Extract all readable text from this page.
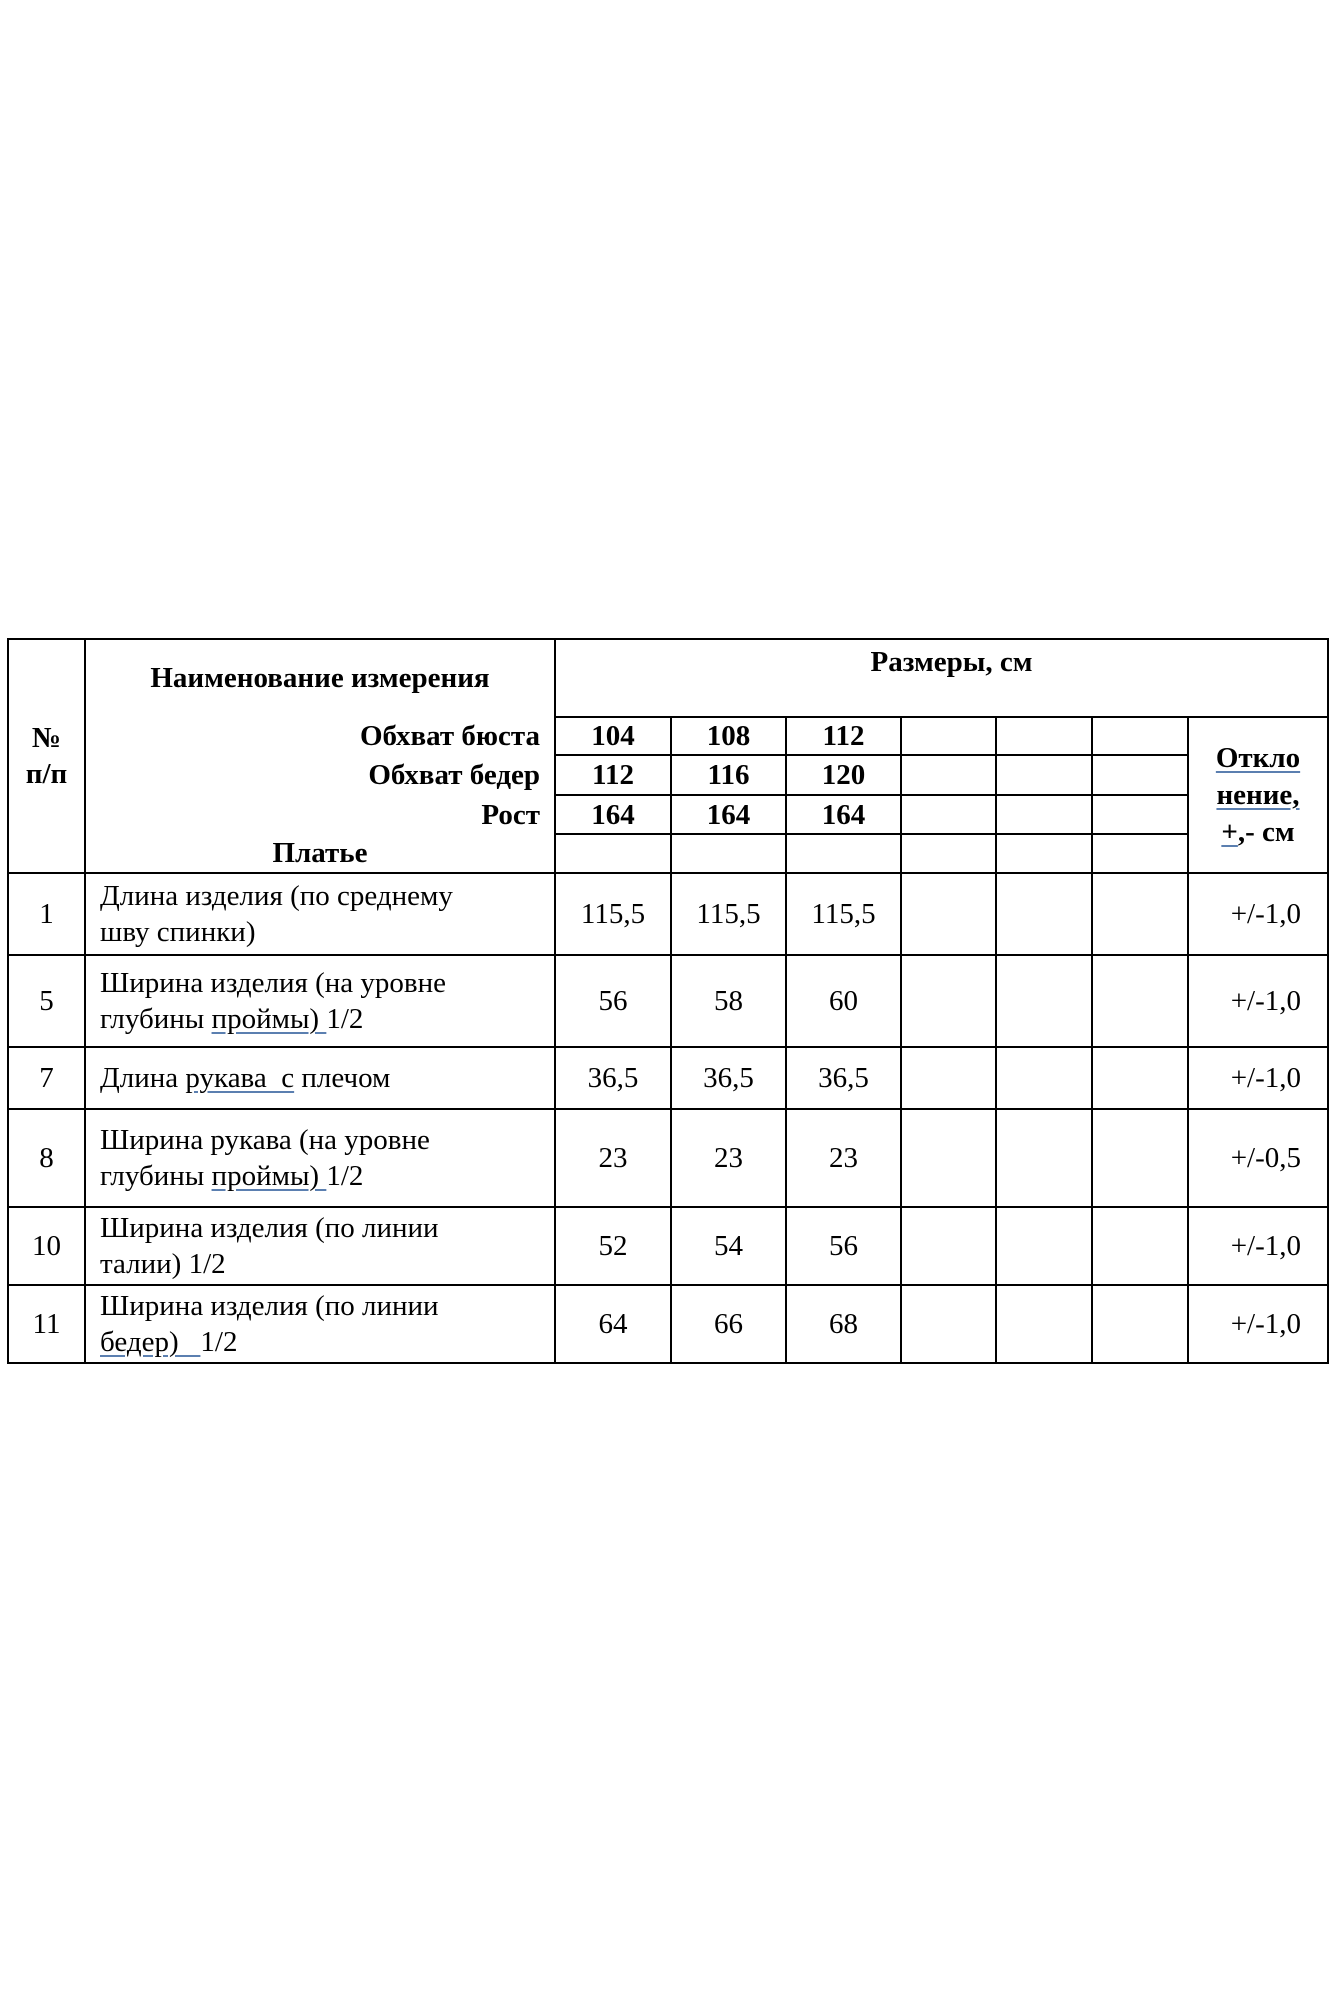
№
п/п	Наименование измерения	Размеры, см						
	Обхват бюста	104	108	112				Откло
нение,
+,- см
	Обхват бедер	112	116	120				
	Рост	164	164	164				
	Платье							
1	Длина изделия (по среднему
шву спинки)	115,5	115,5	115,5				+/-1,0
5	Ширина изделия (на уровне
глубины проймы) 1/2	56	58	60				+/-1,0
7	Длина рукава  с плечом	36,5	36,5	36,5				+/-1,0
8	Ширина рукава (на уровне
глубины проймы) 1/2	23	23	23				+/-0,5
10	Ширина изделия (по линии
талии) 1/2	52	54	56				+/-1,0
11	Ширина изделия (по линии
бедер)   1/2	64	66	68				+/-1,0
